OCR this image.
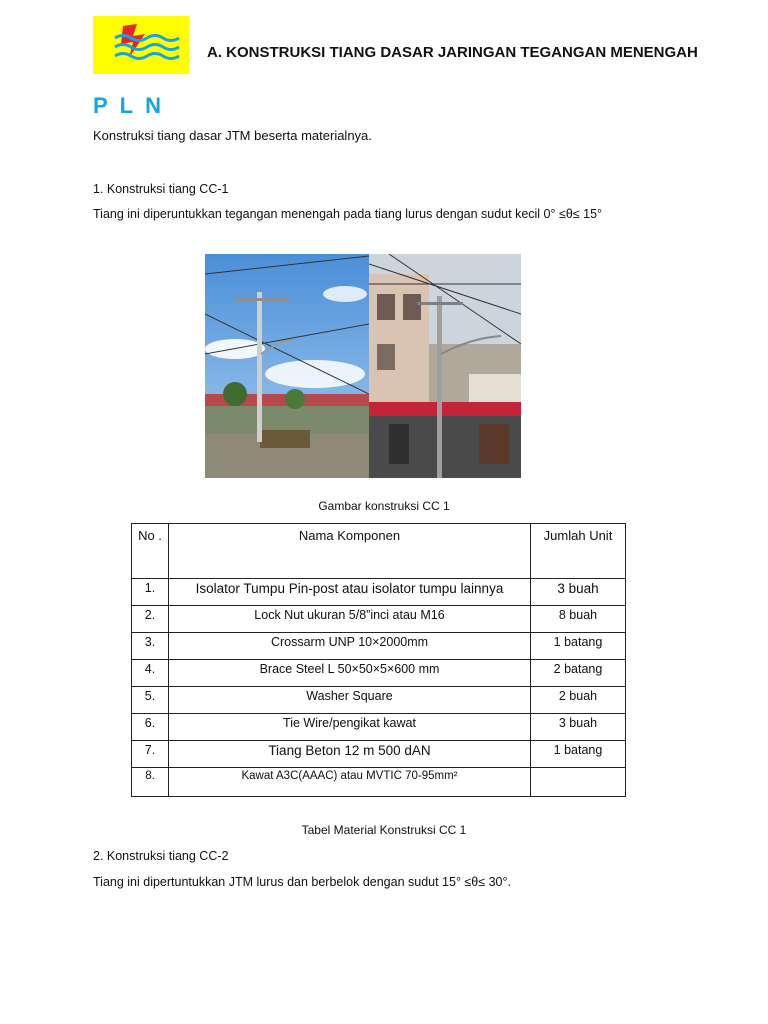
PLN
A. KONSTRUKSI TIANG DASAR JARINGAN TEGANGAN MENENGAH
Konstruksi tiang dasar JTM beserta materialnya.
1. Konstruksi tiang CC-1
Tiang ini diperuntukkan tegangan menengah pada tiang lurus dengan sudut kecil 0° ≤θ≤ 15°
Gambar konstruksi CC 1
No .	Nama Komponen	Jumlah Unit
1.	Isolator Tumpu Pin-post atau isolator tumpu lainnya	3 buah
2.	Lock Nut ukuran 5/8”inci atau M16	8 buah
3.	Crossarm UNP 10×2000mm	1 batang
4.	Brace Steel L 50×50×5×600 mm	2 batang
5.	Washer Square	2 buah
6.	Tie Wire/pengikat kawat	3 buah
7.	Tiang Beton 12 m 500 dAN	1 batang
8.	Kawat A3C(AAAC) atau MVTIC 70-95mm²	
Tabel Material Konstruksi CC 1
2. Konstruksi tiang CC-2
Tiang ini dipertuntukkan JTM lurus dan berbelok dengan sudut 15° ≤θ≤ 30°.
